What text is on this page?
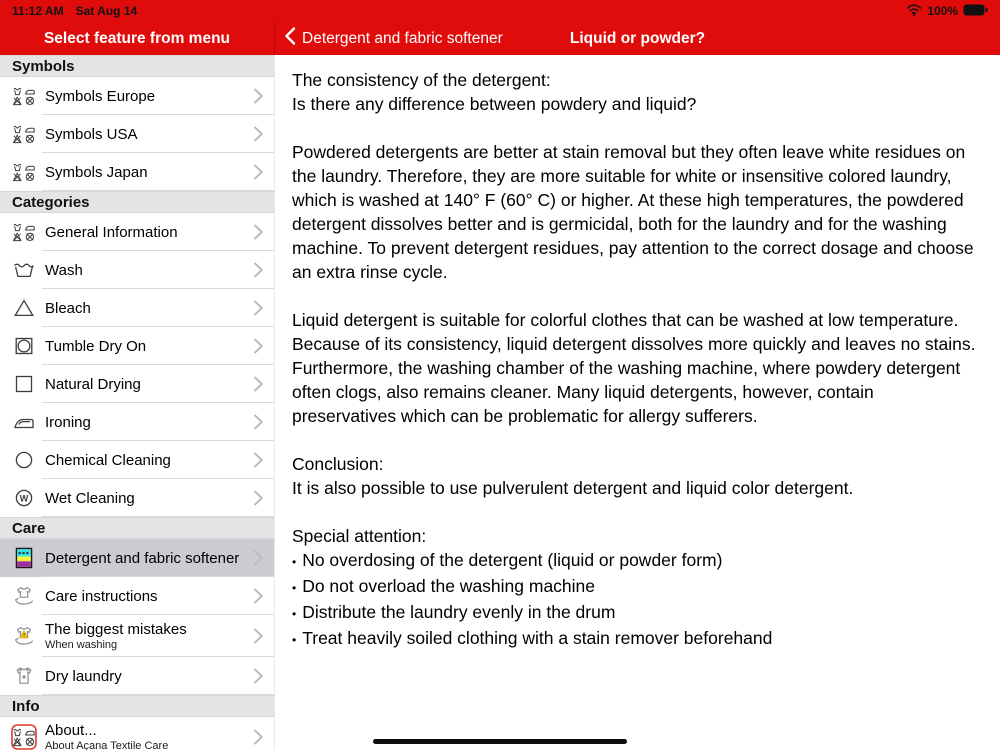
11:12 AM Sat Aug 14	100%
Select feature from menu	Detergent and fabric softener	Liquid or powder?
Symbols
Symbols Europe
Symbols USA
Symbols Japan
Categories
General Information
Wash
Bleach
Tumble Dry On
Natural Drying
Ironing
Chemical Cleaning
W Wet Cleaning
Care
Detergent and fabric softener
Care instructions
! The biggest mistakes
When washing
Dry laundry
Info
About...
About Açana Textile Care
The consistency of the detergent:
Is there any difference between powdery and liquid?
Powdered detergents are better at stain removal but they often leave white residues on the laundry. Therefore, they are more suitable for white or insensitive colored laundry, which is washed at 140° F (60° C) or higher. At these high temperatures, the powdered detergent dissolves better and is germicidal, both for the laundry and for the washing machine. To prevent detergent residues, pay attention to the correct dosage and choose an extra rinse cycle.
Liquid detergent is suitable for colorful clothes that can be washed at low temperature. Because of its consistency, liquid detergent dissolves more quickly and leaves no stains. Furthermore, the washing chamber of the washing machine, where powdery detergent often clogs, also remains cleaner. Many liquid detergents, however, contain preservatives which can be problematic for allergy sufferers.
Conclusion:
It is also possible to use pulverulent detergent and liquid color detergent.
Special attention:
• No overdosing of the detergent (liquid or powder form)
• Do not overload the washing machine
• Distribute the laundry evenly in the drum
• Treat heavily soiled clothing with a stain remover beforehand
